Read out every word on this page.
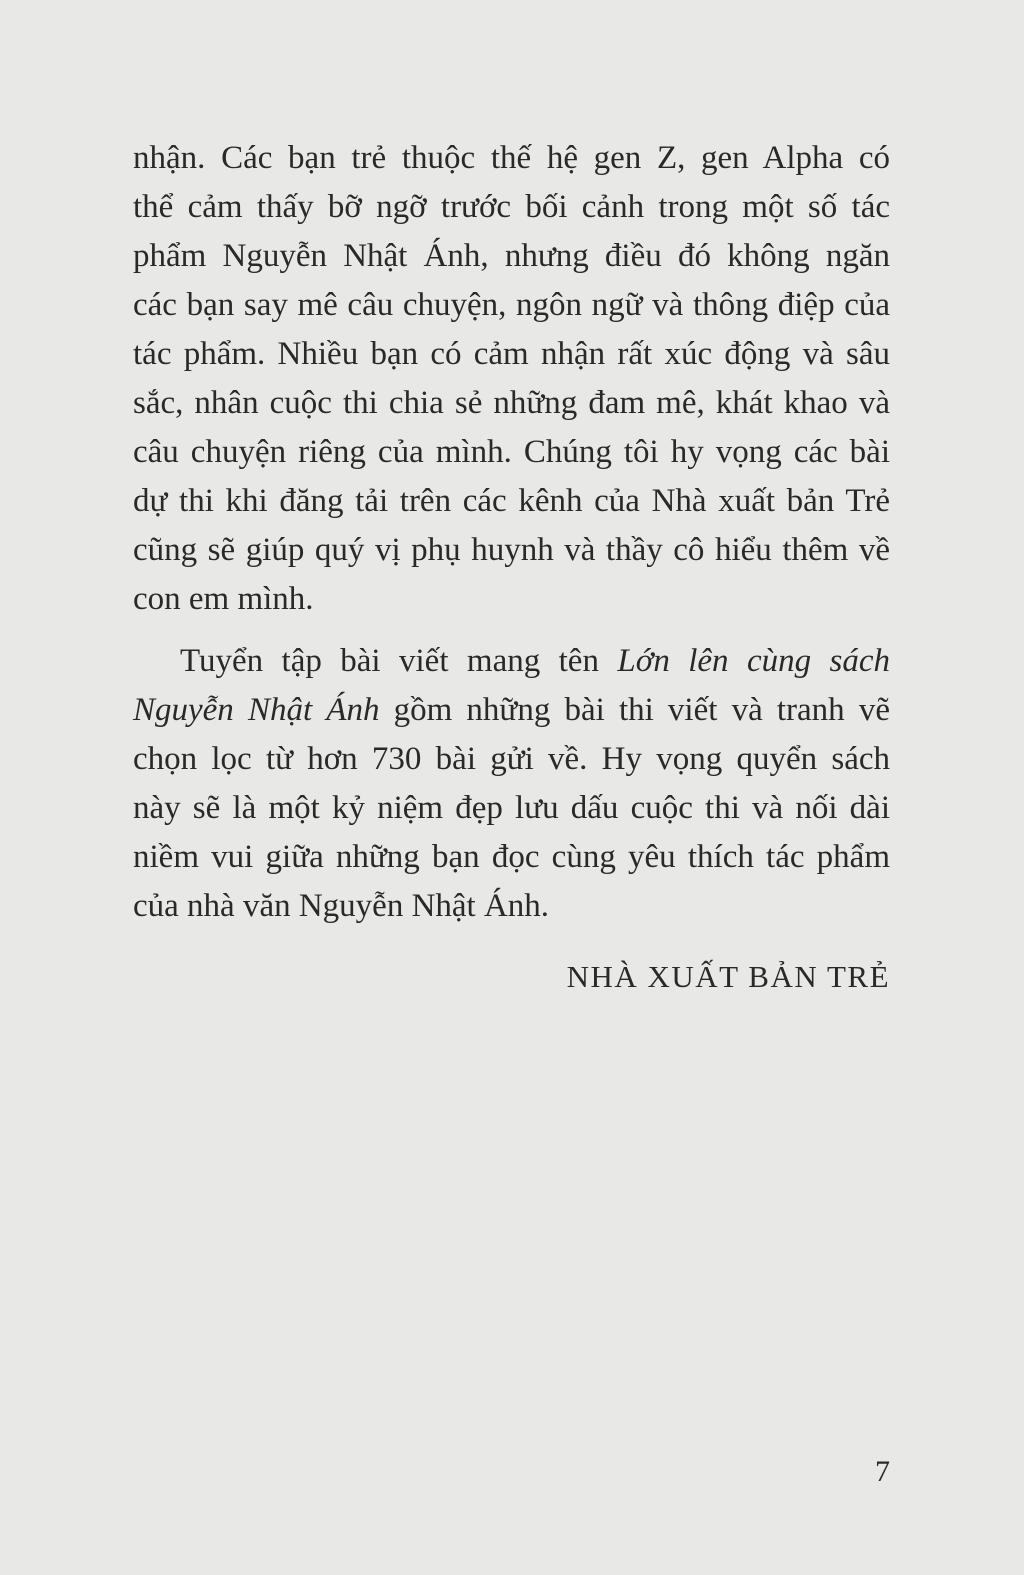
nhận. Các bạn trẻ thuộc thế hệ gen Z, gen Alpha có
thể cảm thấy bỡ ngỡ trước bối cảnh trong một số tác
phẩm Nguyễn Nhật Ánh, nhưng điều đó không ngăn
các bạn say mê câu chuyện, ngôn ngữ và thông điệp của
tác phẩm. Nhiều bạn có cảm nhận rất xúc động và sâu
sắc, nhân cuộc thi chia sẻ những đam mê, khát khao và
câu chuyện riêng của mình. Chúng tôi hy vọng các bài
dự thi khi đăng tải trên các kênh của Nhà xuất bản Trẻ
cũng sẽ giúp quý vị phụ huynh và thầy cô hiểu thêm về
con em mình.
Tuyển tập bài viết mang tên Lớn lên cùng sách
Nguyễn Nhật Ánh gồm những bài thi viết và tranh vẽ
chọn lọc từ hơn 730 bài gửi về. Hy vọng quyển sách
này sẽ là một kỷ niệm đẹp lưu dấu cuộc thi và nối dài
niềm vui giữa những bạn đọc cùng yêu thích tác phẩm
của nhà văn Nguyễn Nhật Ánh.
NHÀ XUẤT BẢN TRẺ
7
